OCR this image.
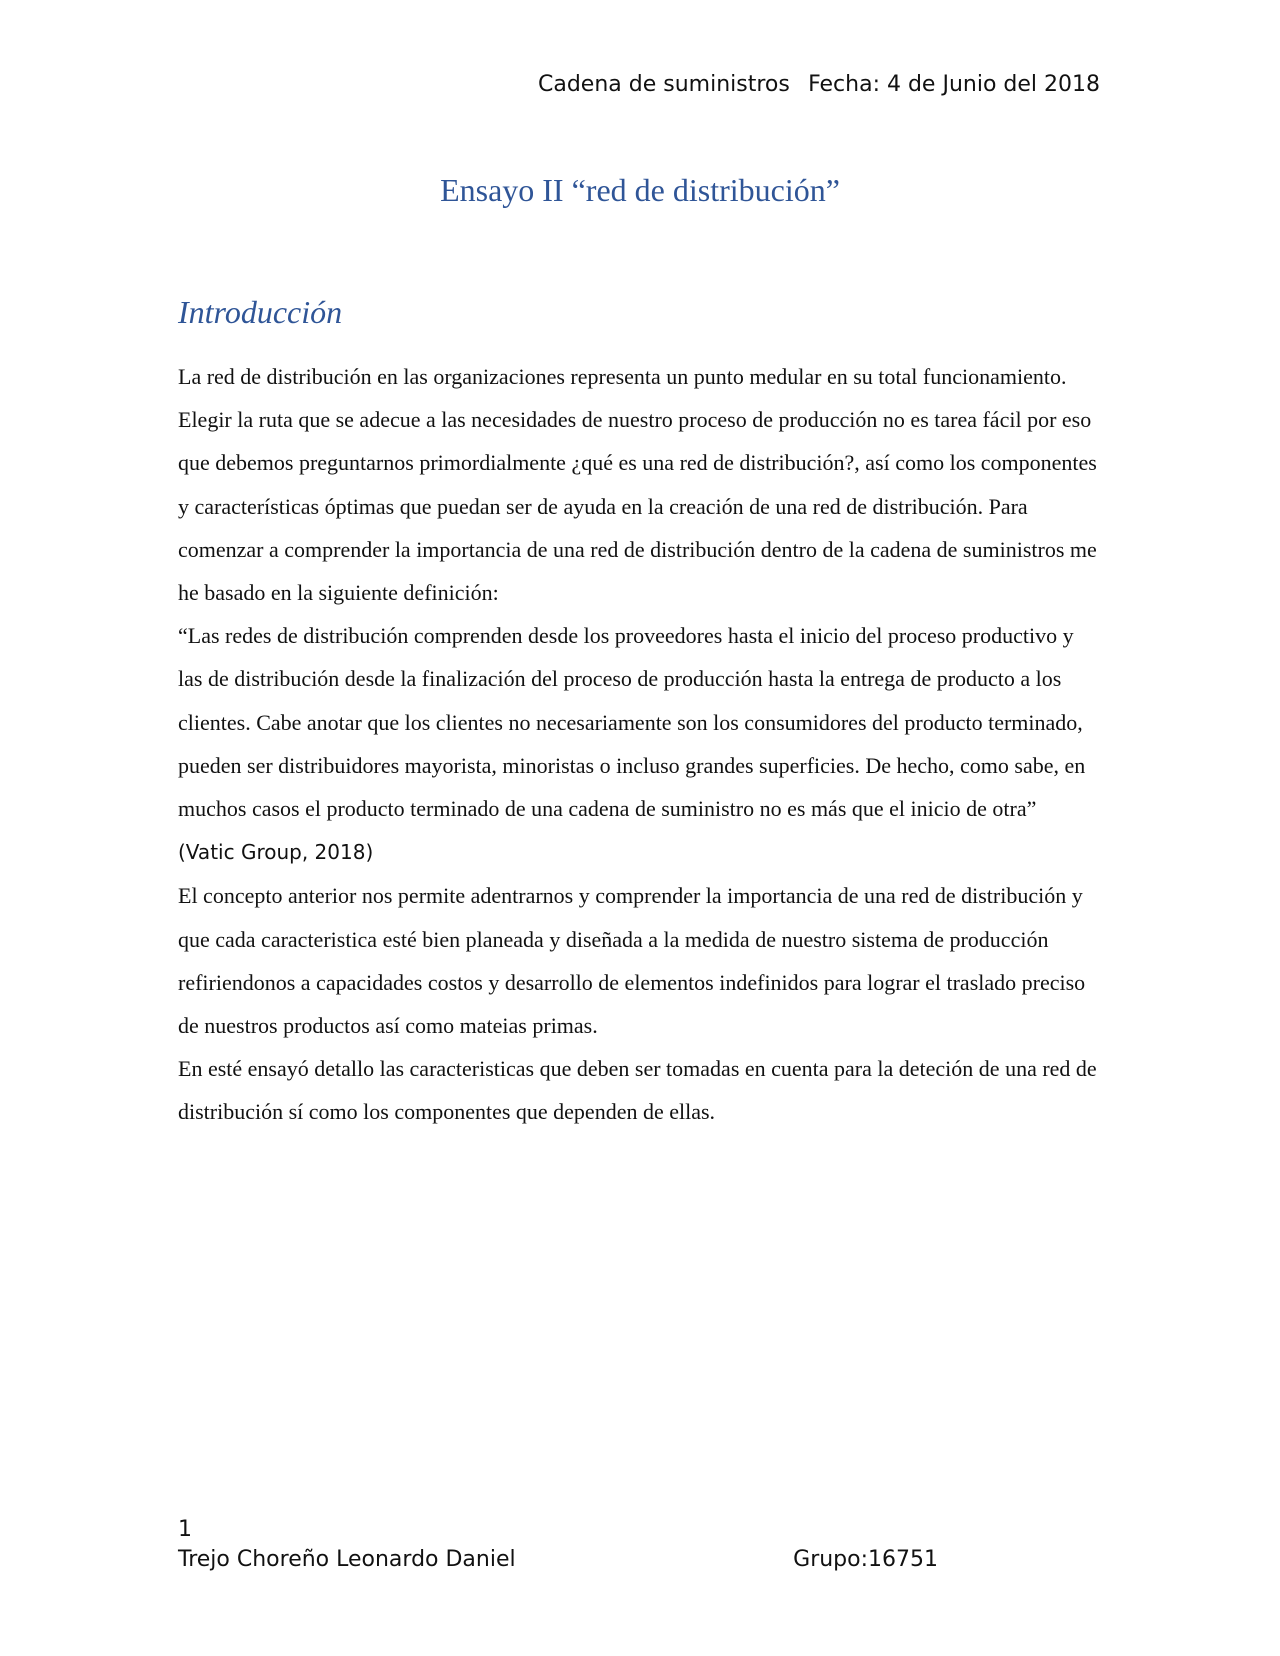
Cadena de suministros Fecha: 4 de Junio del 2018
Ensayo II “red de distribución”
Introducción

La red de distribución en las organizaciones representa un punto medular en su total funcionamiento. Elegir la ruta que se adecue a las necesidades de nuestro proceso de producción no es tarea fácil por eso que debemos preguntarnos primordialmente ¿qué es una red de distribución?, así como los componentes y características óptimas que puedan ser de ayuda en la creación de una red de distribución. Para comenzar a comprender la importancia de una red de distribución dentro de la cadena de suministros me he basado en la siguiente definición:

“Las redes de distribución comprenden desde los proveedores hasta el inicio del proceso productivo y las de distribución desde la finalización del proceso de producción hasta la entrega de producto a los clientes. Cabe anotar que los clientes no necesariamente son los consumidores del producto terminado, pueden ser distribuidores mayorista, minoristas o incluso grandes superficies. De hecho, como sabe, en muchos casos el producto terminado de una cadena de suministro no es más que el inicio de otra” (Vatic Group, 2018)

El concepto anterior nos permite adentrarnos y comprender la importancia de una red de distribución y que cada caracteristica esté bien planeada y diseñada a la medida de nuestro sistema de producción refiriendonos a capacidades costos y desarrollo de elementos indefinidos para lograr el traslado preciso de nuestros productos así como mateias primas.

En esté ensayó detallo las caracteristicas que deben ser tomadas en cuenta para la deteción de una red de distribución sí como los componentes que dependen de ellas.

1
Trejo Choreño Leonardo Daniel	Grupo:16751
